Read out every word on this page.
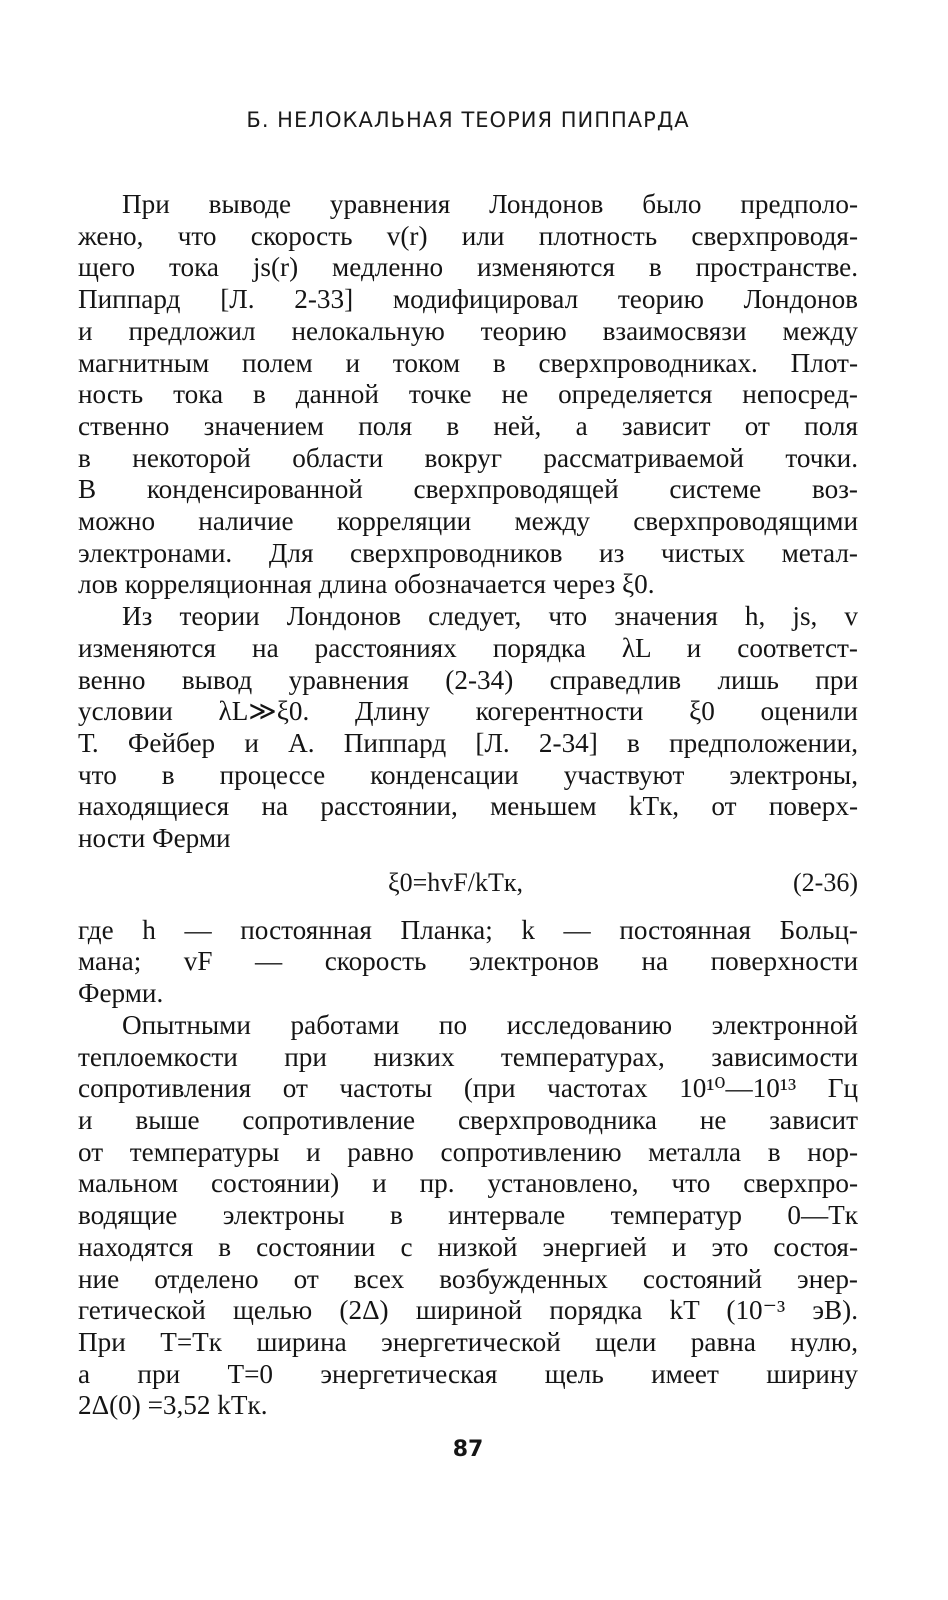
Б. НЕЛОКАЛЬНАЯ ТЕОРИЯ ПИППАРДА
При выводе уравнения Лондонов было предполо-
жено, что скорость v(r) или плотность сверхпроводя-
щего тока js(r) медленно изменяются в пространстве.
Пиппард [Л. 2-33] модифицировал теорию Лондонов
и предложил нелокальную теорию взаимосвязи между
магнитным полем и током в сверхпроводниках. Плот-
ность тока в данной точке не определяется непосред-
ственно значением поля в ней, а зависит от поля
в некоторой области вокруг рассматриваемой точки.
В конденсированной сверхпроводящей системе воз-
можно наличие корреляции между сверхпроводящими
электронами. Для сверхпроводников из чистых метал-
лов корреляционная длина обозначается через ξ0.
Из теории Лондонов следует, что значения h, js, v
изменяются на расстояниях порядка λL и соответст-
венно вывод уравнения (2-34) справедлив лишь при
условии λL≫ξ0. Длину когерентности ξ0 оценили
Т. Фейбер и А. Пиппард [Л. 2-34] в предположении,
что в процессе конденсации участвуют электроны,
находящиеся на расстоянии, меньшем kTк, от поверх-
ности Ферми
ξ0=hvF/kTк,	(2-36)
где h — постоянная Планка; k — постоянная Больц-
мана; vF — скорость электронов на поверхности
Ферми.
Опытными работами по исследованию электронной
теплоемкости при низких температурах, зависимости
сопротивления от частоты (при частотах 10¹⁰—10¹³ Гц
и выше сопротивление сверхпроводника не зависит
от температуры и равно сопротивлению металла в нор-
мальном состоянии) и пр. установлено, что сверхпро-
водящие электроны в интервале температур 0—Tк
находятся в состоянии с низкой энергией и это состоя-
ние отделено от всех возбужденных состояний энер-
гетической щелью (2Δ) шириной порядка kT (10⁻³ эВ).
При T=Tк ширина энергетической щели равна нулю,
а при T=0 энергетическая щель имеет ширину
2Δ(0) =3,52 kTк.
87
